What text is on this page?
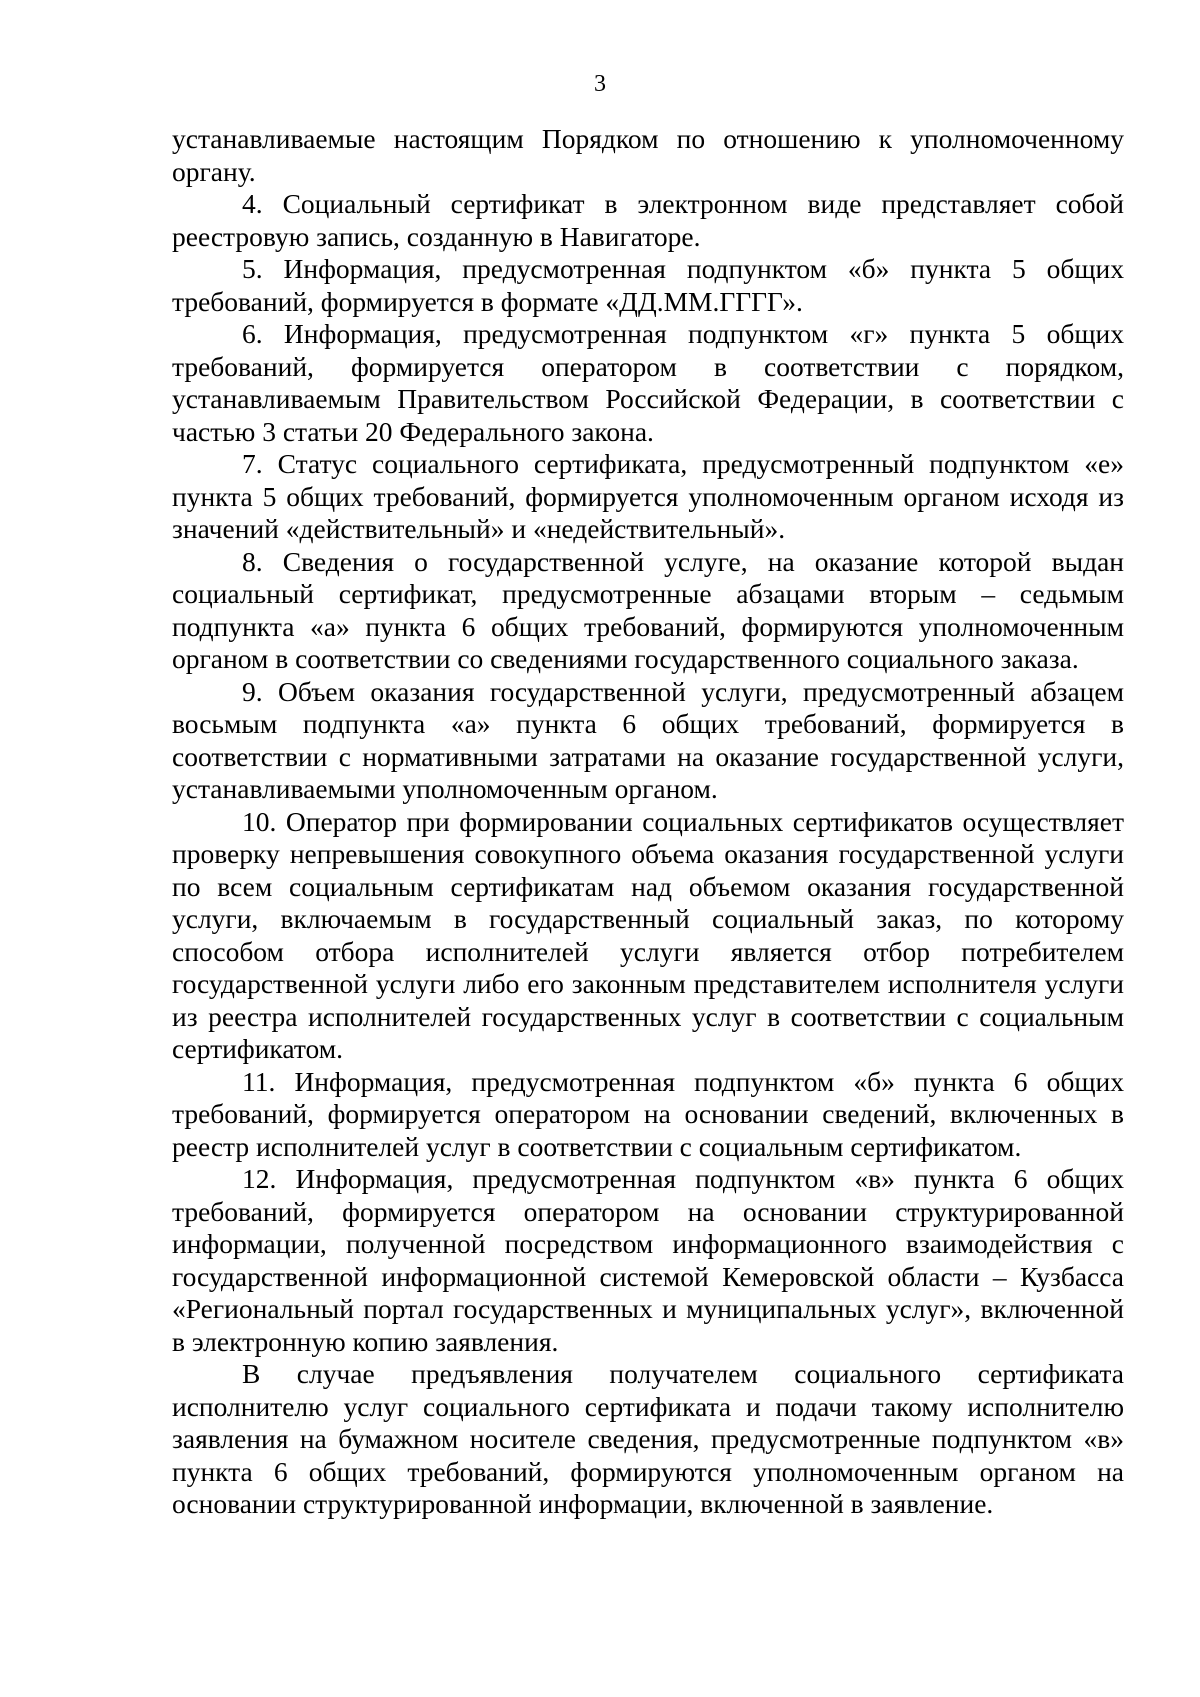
3

устанавливаемые настоящим Порядком по отношению к уполномоченному органу.

4. Социальный сертификат в электронном виде представляет собой реестровую запись, созданную в Навигаторе.

5. Информация, предусмотренная подпунктом «б» пункта 5 общих требований, формируется в формате «ДД.ММ.ГГГГ».

6. Информация, предусмотренная подпунктом «г» пункта 5 общих требований, формируется оператором в соответствии с порядком, устанавливаемым Правительством Российской Федерации, в соответствии с частью 3 статьи 20 Федерального закона.

7. Статус социального сертификата, предусмотренный подпунктом «е» пункта 5 общих требований, формируется уполномоченным органом исходя из значений «действительный» и «недействительный».

8. Сведения о государственной услуге, на оказание которой выдан социальный сертификат, предусмотренные абзацами вторым – седьмым подпункта «а» пункта 6 общих требований, формируются уполномоченным органом в соответствии со сведениями государственного социального заказа.

9. Объем оказания государственной услуги, предусмотренный абзацем восьмым подпункта «а» пункта 6 общих требований, формируется в соответствии с нормативными затратами на оказание государственной услуги, устанавливаемыми уполномоченным органом.

10. Оператор при формировании социальных сертификатов осуществляет проверку непревышения совокупного объема оказания государственной услуги по всем социальным сертификатам над объемом оказания государственной услуги, включаемым в государственный социальный заказ, по которому способом отбора исполнителей услуги является отбор потребителем государственной услуги либо его законным представителем исполнителя услуги из реестра исполнителей государственных услуг в соответствии с социальным сертификатом.

11. Информация, предусмотренная подпунктом «б» пункта 6 общих требований, формируется оператором на основании сведений, включенных в реестр исполнителей услуг в соответствии с социальным сертификатом.

12. Информация, предусмотренная подпунктом «в» пункта 6 общих требований, формируется оператором на основании структурированной информации, полученной посредством информационного взаимодействия с государственной информационной системой Кемеровской области – Кузбасса «Региональный портал государственных и муниципальных услуг», включенной в электронную копию заявления.

В случае предъявления получателем социального сертификата исполнителю услуг социального сертификата и подачи такому исполнителю заявления на бумажном носителе сведения, предусмотренные подпунктом «в» пункта 6 общих требований, формируются уполномоченным органом на основании структурированной информации, включенной в заявление.
